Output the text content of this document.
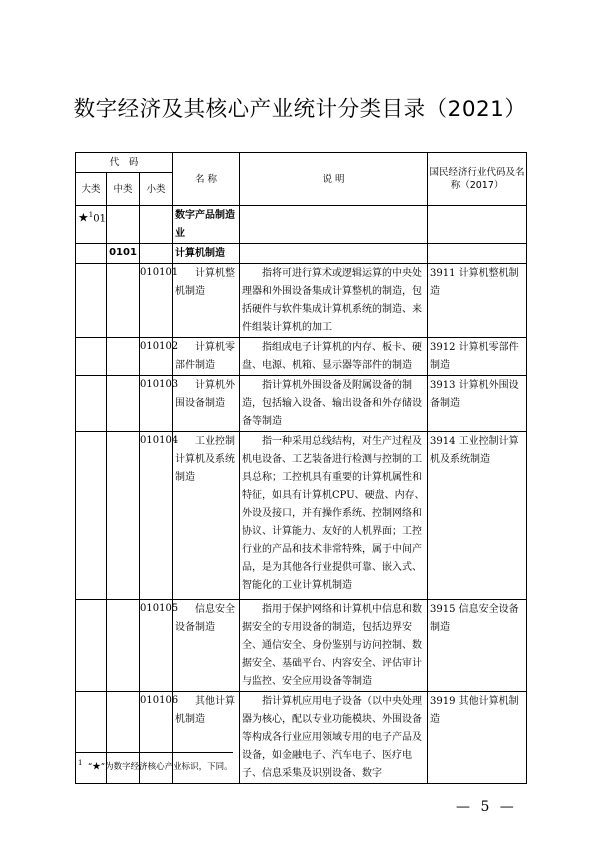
数字经济及其核心产业统计分类目录（2021）
代　码			名 称	说 明	国民经济行业代码及名称（2017）
大类	中类	小类			
★$^1$01			数字产品制造业		
	0101		计算机制造		
		010101	计算机整机制造	指将可进行算术或逻辑运算的中央处理器和外围设备集成计算整机的制造，包括硬件与软件集成计算机系统的制造、来件组装计算机的加工	3911 计算机整机制造
		010102	计算机零部件制造	指组成电子计算机的内存、板卡、硬盘、电源、机箱、显示器等部件的制造	3912 计算机零部件制造
		010103	计算机外围设备制造	指计算机外围设备及附属设备的制造，包括输入设备、输出设备和外存储设备等制造	3913 计算机外围设备制造
		010104	工业控制计算机及系统制造	指一种采用总线结构，对生产过程及机电设备、工艺装备进行检测与控制的工具总称；工控机具有重要的计算机属性和特征，如具有计算机CPU、硬盘、内存、外设及接口，并有操作系统、控制网络和协议、计算能力、友好的人机界面；工控行业的产品和技术非常特殊，属于中间产品，是为其他各行业提供可靠、嵌入式、智能化的工业计算机制造	3914 工业控制计算机及系统制造
		010105	信息安全设备制造	指用于保护网络和计算机中信息和数据安全的专用设备的制造，包括边界安全、通信安全、身份鉴别与访问控制、数据安全、基础平台、内容安全、评估审计与监控、安全应用设备等制造	3915 信息安全设备制造
		010106	其他计算机制造	指计算机应用电子设备（以中央处理器为核心，配以专业功能模块、外围设备等构成各行业应用领域专用的电子产品及设备，如金融电子、汽车电子、医疗电子、信息采集及识别设备、数字	3919 其他计算机制造
$^1$ “★”为数字经济核心产业标识，下同。
— 5 —
